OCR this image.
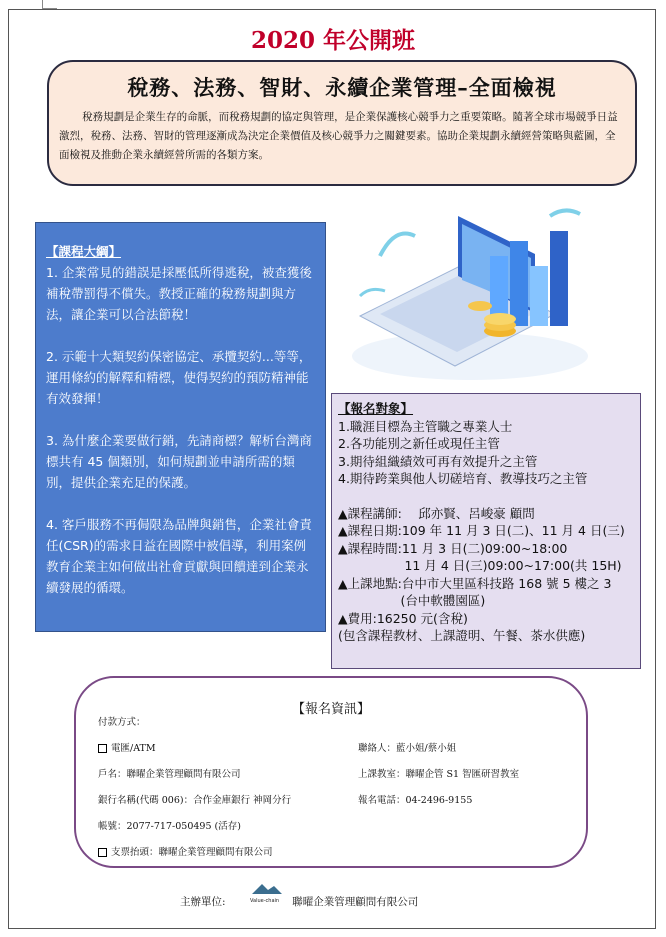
2020 年公開班
稅務、法務、智財、永續企業管理–全面檢視
稅務規劃是企業生存的命脈，而稅務規劃的協定與管理，是企業保護核心競爭力之重要策略。隨著全球市場競爭日益激烈，稅務、法務、智財的管理逐漸成為決定企業價值及核心競爭力之關鍵要素。協助企業規劃永續經營策略與藍圖，全面檢視及推動企業永續經營所需的各類方案。
【課程大綱】
1. 企業常見的錯誤是採壓低所得逃稅，被查獲後補稅帶罰得不償失。教授正確的稅務規劃與方法，讓企業可以合法節稅！
2. 示範十大類契約保密協定、承攬契約...等等，運用條約的解釋和精標，使得契約的預防精神能有效發揮！
3. 為什麼企業要做行銷，先請商標？解析台灣商標共有 45 個類別，如何規劃並申請所需的類別，提供企業充足的保護。
4. 客戶服務不再侷限為品牌與銷售，企業社會責任(CSR)的需求日益在國際中被倡導，利用案例教育企業主如何做出社會貢獻與回饋達到企業永續發展的循環。
【報名對象】
1.職涯目標為主管職之專業人士
2.各功能別之新任或現任主管
3.期待組織績效可再有效提升之主管
4.期待跨業與他人切磋培育、教導技巧之主管
▲課程講師:　 邱亦賢、呂峻豪 顧問
▲課程日期:109 年 11 月 3 日(二)、11 月 4 日(三)
▲課程時間:11 月 3 日(二)09:00~18:00
　　　　　 11 月 4 日(三)09:00~17:00(共 15H)
▲上課地點:台中市大里區科技路 168 號 5 樓之 3
　　　　　(台中軟體園區)
▲費用:16250 元(含稅)
(包含課程教材、上課證明、午餐、茶水供應)
【報名資訊】
付款方式：
電匯/ATM
戶名：聯曜企業管理顧問有限公司
銀行名稱(代碼 006)：合作金庫銀行 神岡分行
帳號：2077-717-050495 (活存)
支票抬頭：聯曜企業管理顧問有限公司
聯絡人：藍小姐/蔡小姐
上課教室：聯曜企管 S1 智匯研習教室
報名電話：04-2496-9155
Value-chain
主辦單位:	聯曜企業管理顧問有限公司
